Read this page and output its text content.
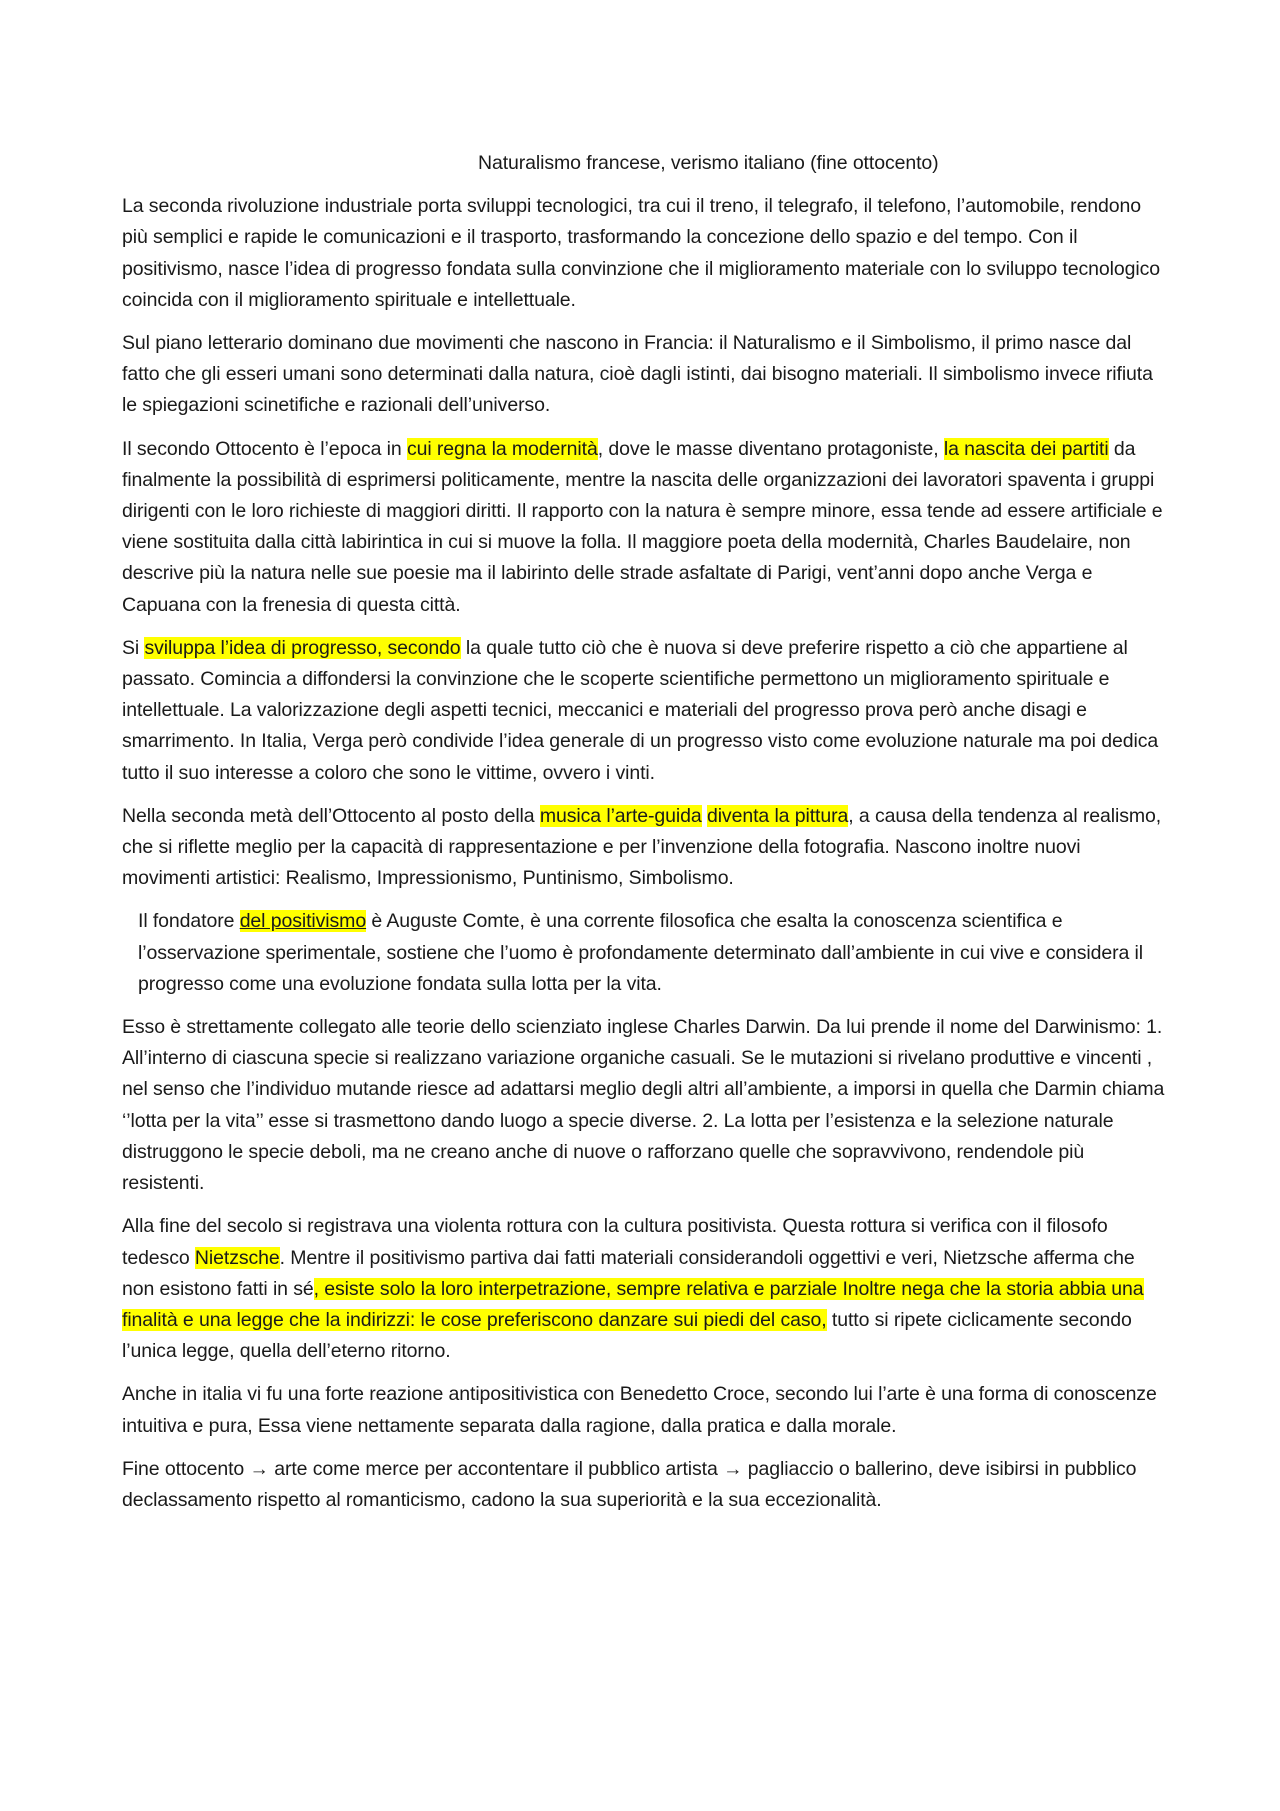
Naturalismo francese, verismo italiano (fine ottocento)

La seconda rivoluzione industriale porta sviluppi tecnologici, tra cui il treno, il telegrafo, il telefono, l’automobile, rendono più semplici e rapide le comunicazioni e il trasporto, trasformando la concezione dello spazio e del tempo. Con il positivismo, nasce l’idea di progresso fondata sulla convinzione che il miglioramento materiale con lo sviluppo tecnologico coincida con il miglioramento spirituale e intellettuale.

Sul piano letterario dominano due movimenti che nascono in Francia: il Naturalismo e il Simbolismo, il primo nasce dal fatto che gli esseri umani sono determinati dalla natura, cioè dagli istinti, dai bisogno materiali. Il simbolismo invece rifiuta le spiegazioni scinetifiche e razionali dell’universo.

Il secondo Ottocento è l’epoca in cui regna la modernità, dove le masse diventano protagoniste, la nascita dei partiti da finalmente la possibilità di esprimersi politicamente, mentre la nascita delle organizzazioni dei lavoratori spaventa i gruppi dirigenti con le loro richieste di maggiori diritti. Il rapporto con la natura è sempre minore, essa tende ad essere artificiale e viene sostituita dalla città labirintica in cui si muove la folla. Il maggiore poeta della modernità, Charles Baudelaire, non descrive più la natura nelle sue poesie ma il labirinto delle strade asfaltate di Parigi, vent’anni dopo anche Verga e Capuana con la frenesia di questa città.

Si sviluppa l’idea di progresso, secondo la quale tutto ciò che è nuova si deve preferire rispetto a ciò che appartiene al passato. Comincia a diffondersi la convinzione che le scoperte scientifiche permettono un miglioramento spirituale e intellettuale. La valorizzazione degli aspetti tecnici, meccanici e materiali del progresso prova però anche disagi e smarrimento. In Italia, Verga però condivide l’idea generale di un progresso visto come evoluzione naturale ma poi dedica tutto il suo interesse a coloro che sono le vittime, ovvero i vinti.

Nella seconda metà dell’Ottocento al posto della musica l’arte-guida diventa la pittura, a causa della tendenza al realismo, che si riflette meglio per la capacità di rappresentazione e per l’invenzione della fotografia. Nascono inoltre nuovi movimenti artistici: Realismo, Impressionismo, Puntinismo, Simbolismo.

Il fondatore del positivismo è Auguste Comte, è una corrente filosofica che esalta la conoscenza scientifica e l’osservazione sperimentale, sostiene che l’uomo è profondamente determinato dall’ambiente in cui vive e considera il progresso come una evoluzione fondata sulla lotta per la vita.

Esso è strettamente collegato alle teorie dello scienziato inglese Charles Darwin. Da lui prende il nome del Darwinismo: 1. All’interno di ciascuna specie si realizzano variazione organiche casuali. Se le mutazioni si rivelano produttive e vincenti , nel senso che l’individuo mutande riesce ad adattarsi meglio degli altri all’ambiente, a imporsi in quella che Darmin chiama ‘’lotta per la vita’’ esse si trasmettono dando luogo a specie diverse. 2. La lotta per l’esistenza e la selezione naturale distruggono le specie deboli, ma ne creano anche di nuove o rafforzano quelle che sopravvivono, rendendole più resistenti.

Alla fine del secolo si registrava una violenta rottura con la cultura positivista. Questa rottura si verifica con il filosofo tedesco Nietzsche. Mentre il positivismo partiva dai fatti materiali considerandoli oggettivi e veri, Nietzsche afferma che non esistono fatti in sé, esiste solo la loro interpetrazione, sempre relativa e parziale Inoltre nega che la storia abbia una finalità e una legge che la indirizzi: le cose preferiscono danzare sui piedi del caso, tutto si ripete ciclicamente secondo l’unica legge, quella dell’eterno ritorno.

Anche in italia vi fu una forte reazione antipositivistica con Benedetto Croce, secondo lui l’arte è una forma di conoscenze intuitiva e pura, Essa viene nettamente separata dalla ragione, dalla pratica e dalla morale.

Fine ottocento → arte come merce per accontentare il pubblico artista → pagliaccio o ballerino, deve isibirsi in pubblico declassamento rispetto al romanticismo, cadono la sua superiorità e la sua eccezionalità.
